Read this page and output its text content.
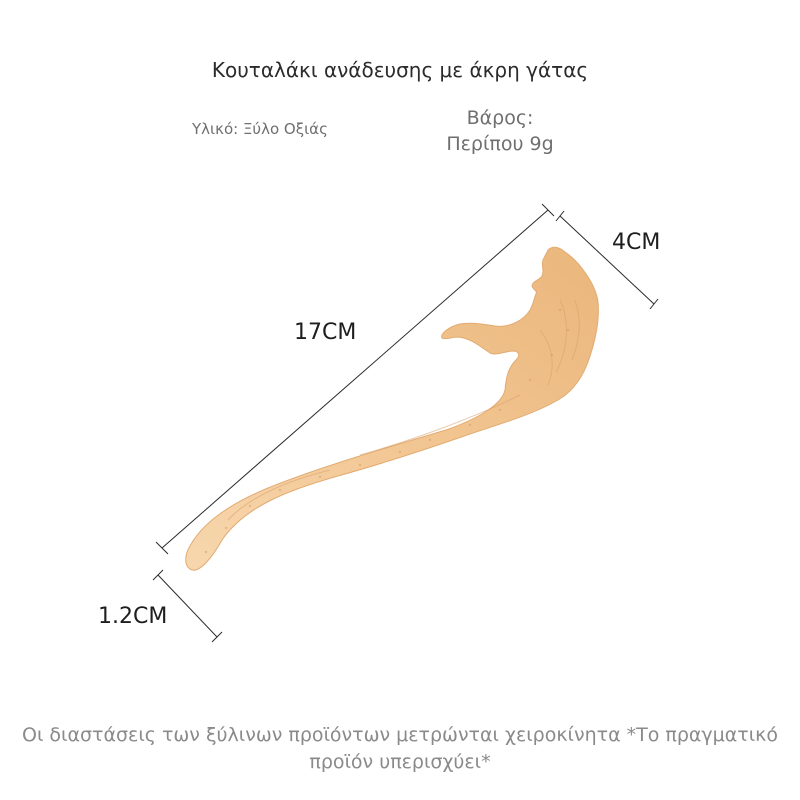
Κουταλάκι ανάδευσης με άκρη γάτας
Υλικό: Ξύλο Οξιάς	Βάρος:
Περίπου 9g
17CM
4CM
1.2CM
Οι διαστάσεις των ξύλινων προϊόντων μετρώνται χειροκίνητα *Το πραγματικό προϊόν υπερισχύει*
